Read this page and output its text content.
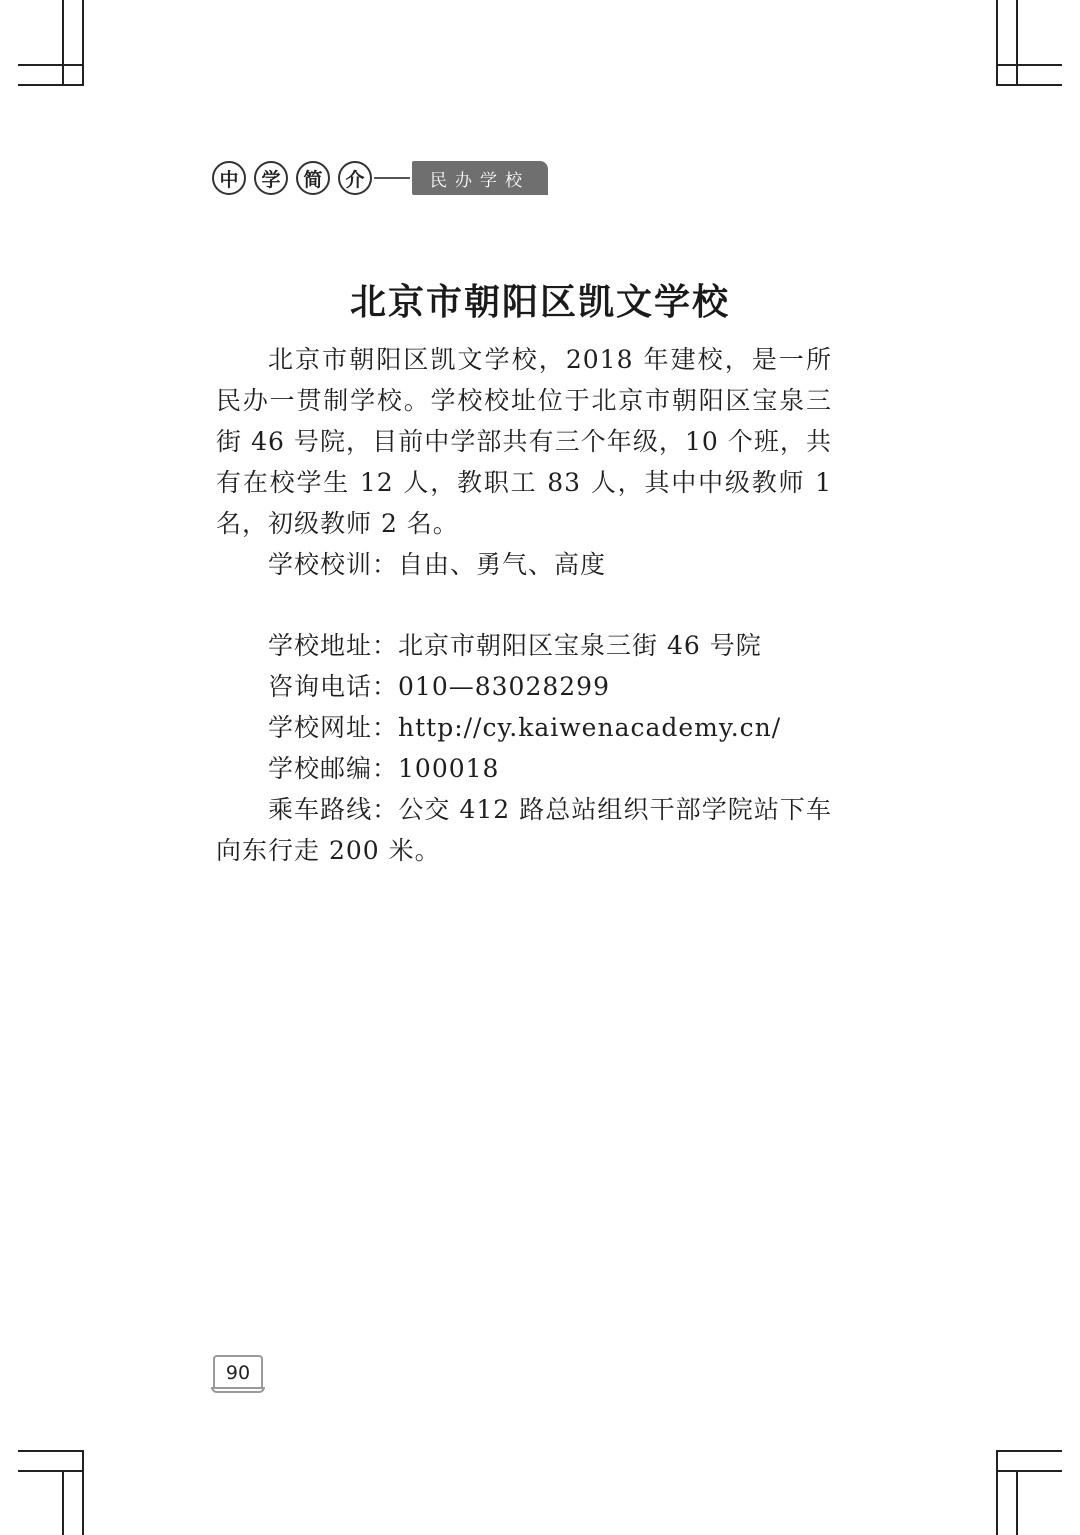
中	学	简	介	民办学校
北京市朝阳区凯文学校

北京市朝阳区凯文学校，2018 年建校，是一所民办一贯制学校。学校校址位于北京市朝阳区宝泉三街 46 号院，目前中学部共有三个年级，10 个班，共有在校学生 12 人，教职工 83 人，其中中级教师 1 名，初级教师 2 名。

学校校训：自由、勇气、高度

学校地址：北京市朝阳区宝泉三街 46 号院

咨询电话：010—83028299

学校网址：http://cy.kaiwenacademy.cn/

学校邮编：100018

乘车路线：公交 412 路总站组织干部学院站下车向东行走 200 米。

90
